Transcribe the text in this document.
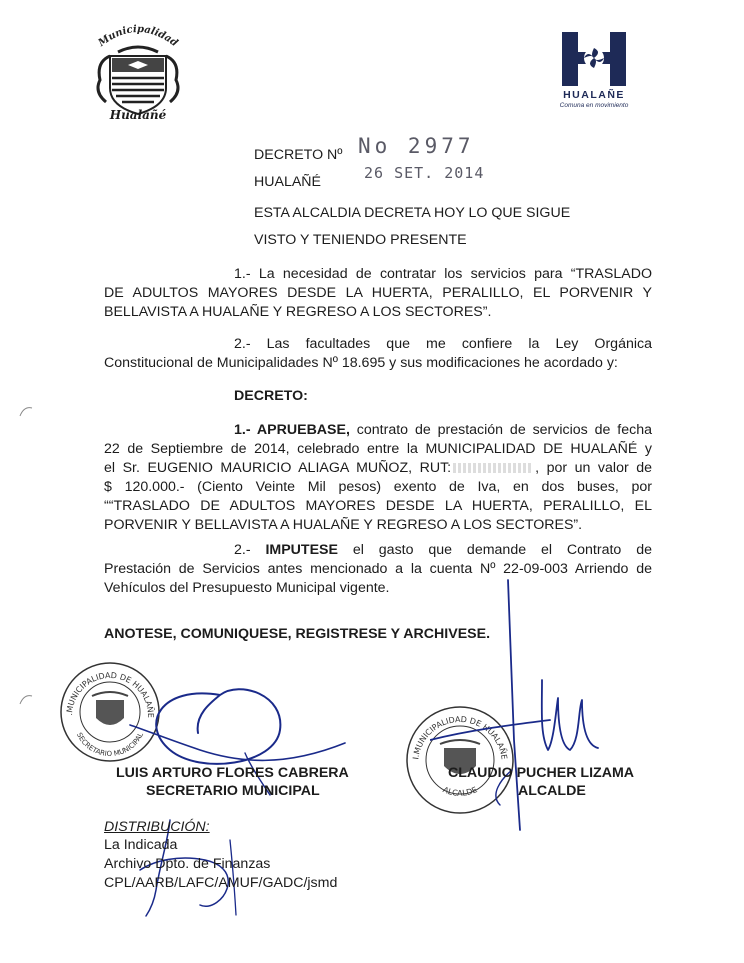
Municipalidad
Hualañé
HUALAÑE
Comuna en movimiento
DECRETO Nº No 2977
HUALAÑÉ	26 SET. 2014
ESTA ALCALDIA DECRETA HOY LO QUE SIGUE
VISTO Y TENIENDO PRESENTE
1.- La necesidad de contratar los servicios para “TRASLADO
DE ADULTOS MAYORES DESDE LA HUERTA, PERALILLO, EL PORVENIR Y
BELLAVISTA A HUALAÑE Y REGRESO A LOS SECTORES”.
2.- Las facultades que me confiere la Ley Orgánica
Constitucional de Municipalidades Nº 18.695 y sus modificaciones he acordado y:
DECRETO:
1.- APRUEBASE, contrato de prestación de servicios de fecha
22 de Septiembre de 2014, celebrado entre la MUNICIPALIDAD DE HUALAÑÉ y
el Sr. EUGENIO MAURICIO ALIAGA MUÑOZ, RUT:	, por un valor de
$ 120.000.- (Ciento Veinte Mil pesos) exento de Iva, en dos buses, por
““TRASLADO DE ADULTOS MAYORES DESDE LA HUERTA, PERALILLO, EL
PORVENIR Y BELLAVISTA A HUALAÑE Y REGRESO A LOS SECTORES”.
2.- IMPUTESE el gasto que demande el Contrato de
Prestación de Servicios antes mencionado a la cuenta Nº 22-09-003 Arriendo de
Vehículos del Presupuesto Municipal vigente.
ANOTESE, COMUNIQUESE, REGISTRESE Y ARCHIVESE.
.MUNICIPALIDAD DE HUALAÑE
SECRETARIO MUNICIPAL
I.MUNICIPALIDAD DE HUALAÑE
ALCALDE
LUIS ARTURO FLORES CABRERA
SECRETARIO MUNICIPAL
CLAUDIO PUCHER LIZAMA
ALCALDE
DISTRIBUCIÓN:
La Indicada
Archivo Dpto. de Finanzas
CPL/AARB/LAFC/AMUF/GADC/jsmd
